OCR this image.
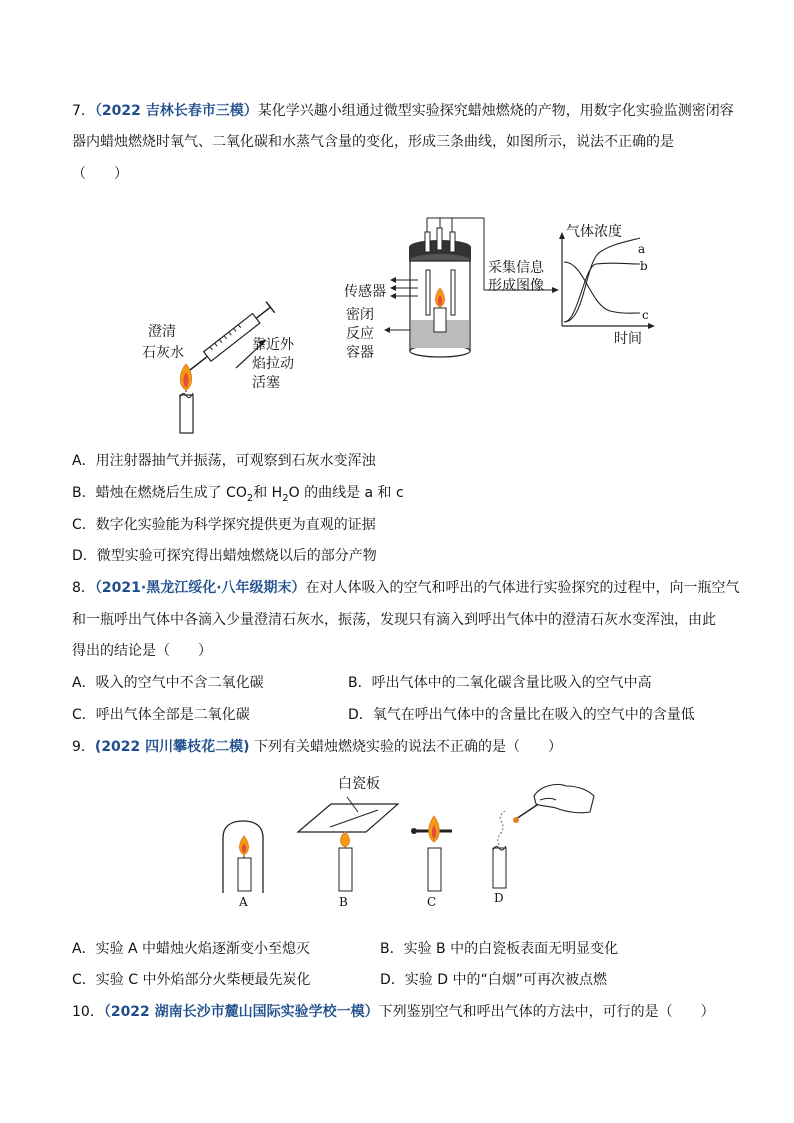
7．（2022 吉林长春市三模）某化学兴趣小组通过微型实验探究蜡烛燃烧的产物，用数字化实验监测密闭容
器内蜡烛燃烧时氧气、二氧化碳和水蒸气含量的变化，形成三条曲线，如图所示，说法不正确的是
（　　）
澄清
石灰水	靠近外
焰拉动
活塞
传感器
密闭
反应
容器
采集信息
形成图像
气体浓度
时间
a
b
c
A
白瓷板
B	C	D
A．用注射器抽气并振荡，可观察到石灰水变浑浊
B．蜡烛在燃烧后生成了 $CO_2$和 $H_2O$ 的曲线是 a 和 c
C．数字化实验能为科学探究提供更为直观的证据
D．微型实验可探究得出蜡烛燃烧以后的部分产物
8．（2021·黑龙江绥化·八年级期末）在对人体吸入的空气和呼出的气体进行实验探究的过程中，向一瓶空气
和一瓶呼出气体中各滴入少量澄清石灰水，振荡，发现只有滴入到呼出气体中的澄清石灰水变浑浊，由此
得出的结论是（　　）
A．吸入的空气中不含二氧化碳	B．呼出气体中的二氧化碳含量比吸入的空气中高
C．呼出气体全部是二氧化碳	D．氧气在呼出气体中的含量比在吸入的空气中的含量低
9．(2022 四川攀枝花二模) 下列有关蜡烛燃烧实验的说法不正确的是（　　）
A．实验 A 中蜡烛火焰逐渐变小至熄灭	B．实验 B 中的白瓷板表面无明显变化
C．实验 C 中外焰部分火柴梗最先炭化	D．实验 D 中的“白烟”可再次被点燃
10．（2022 湖南长沙市麓山国际实验学校一模）下列鉴别空气和呼出气体的方法中，可行的是（　　）
